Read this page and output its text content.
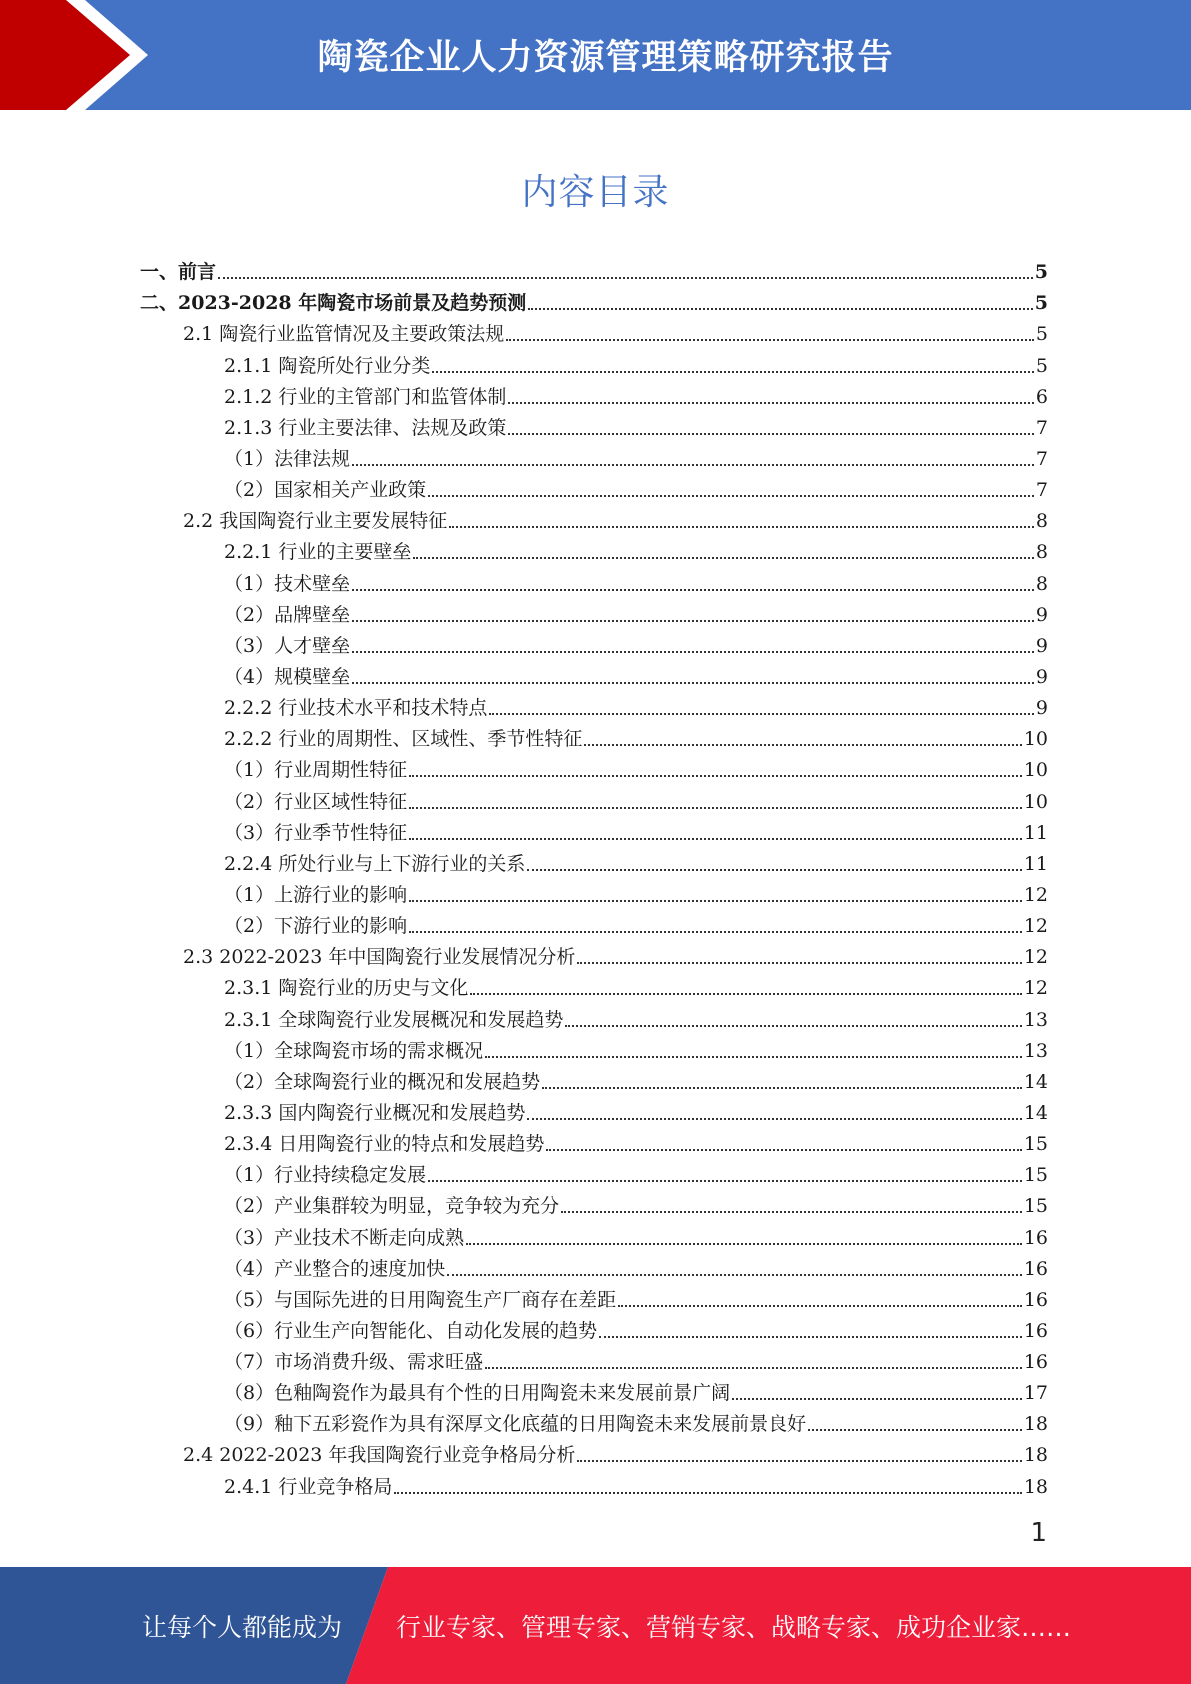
陶瓷企业人力资源管理策略研究报告
内容目录
一、前言	5
二、2023-2028 年陶瓷市场前景及趋势预测	5
2.1 陶瓷行业监管情况及主要政策法规	5
2.1.1 陶瓷所处行业分类	5
2.1.2 行业的主管部门和监管体制	6
2.1.3 行业主要法律、法规及政策	7
（1）法律法规	7
（2）国家相关产业政策	7
2.2 我国陶瓷行业主要发展特征	8
2.2.1 行业的主要壁垒	8
（1）技术壁垒	8
（2）品牌壁垒	9
（3）人才壁垒	9
（4）规模壁垒	9
2.2.2 行业技术水平和技术特点	9
2.2.2 行业的周期性、区域性、季节性特征	10
（1）行业周期性特征	10
（2）行业区域性特征	10
（3）行业季节性特征	11
2.2.4 所处行业与上下游行业的关系	11
（1）上游行业的影响	12
（2）下游行业的影响	12
2.3 2022-2023 年中国陶瓷行业发展情况分析	12
2.3.1 陶瓷行业的历史与文化	12
2.3.1 全球陶瓷行业发展概况和发展趋势	13
（1）全球陶瓷市场的需求概况	13
（2）全球陶瓷行业的概况和发展趋势	14
2.3.3 国内陶瓷行业概况和发展趋势	14
2.3.4 日用陶瓷行业的特点和发展趋势	15
（1）行业持续稳定发展	15
（2）产业集群较为明显，竞争较为充分	15
（3）产业技术不断走向成熟	16
（4）产业整合的速度加快	16
（5）与国际先进的日用陶瓷生产厂商存在差距	16
（6）行业生产向智能化、自动化发展的趋势	16
（7）市场消费升级、需求旺盛	16
（8）色釉陶瓷作为最具有个性的日用陶瓷未来发展前景广阔	17
（9）釉下五彩瓷作为具有深厚文化底蕴的日用陶瓷未来发展前景良好	18
2.4 2022-2023 年我国陶瓷行业竞争格局分析	18
2.4.1 行业竞争格局	18
1
让每个人都能成为 行业专家、管理专家、营销专家、战略专家、成功企业家……
